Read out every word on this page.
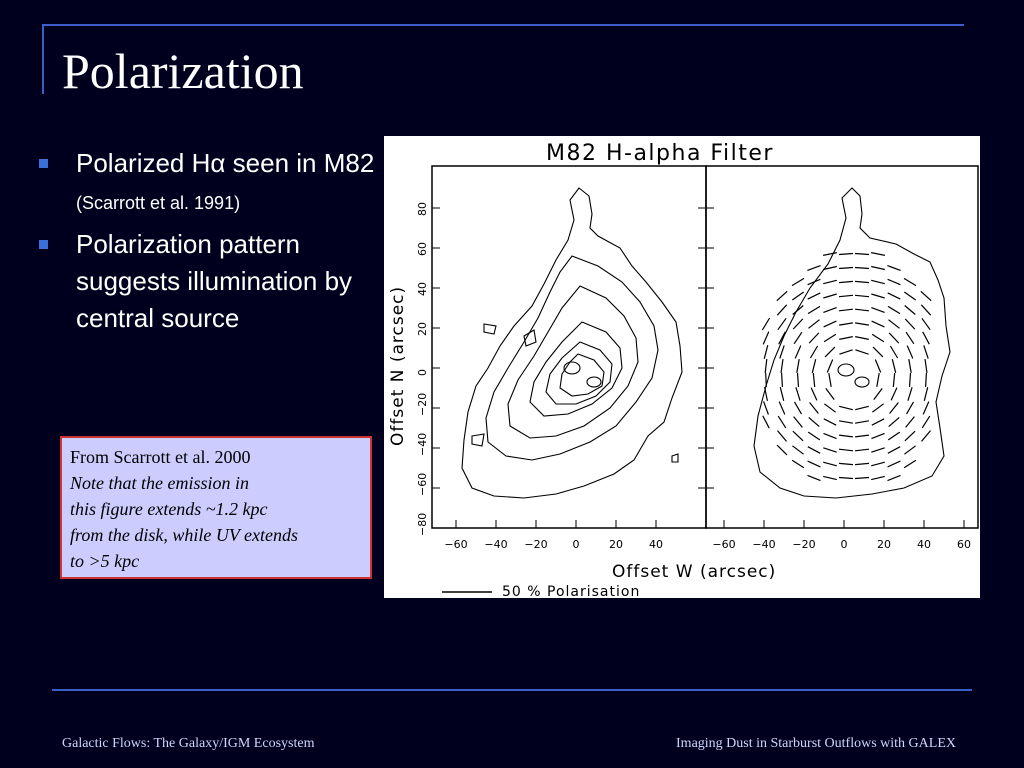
Polarization
Polarized Hα seen in M82 (Scarrott et al. 1991)
Polarization pattern suggests illumination by central source
M82 H-alpha Filter
Offset N (arcsec)
80
60
40
20
0
−20
−40
−60
−80
−60 −40 −20 0	20 40	−60 −40 −20 0	20 40 60
Offset W (arcsec)
50 % Polarisation
From Scarrott et al. 2000
Note that the emission in
this figure extends ~1.2 kpc
from the disk, while UV extends
to >5 kpc
Galactic Flows: The Galaxy/IGM Ecosystem	Imaging Dust in Starburst Outflows with GALEX
